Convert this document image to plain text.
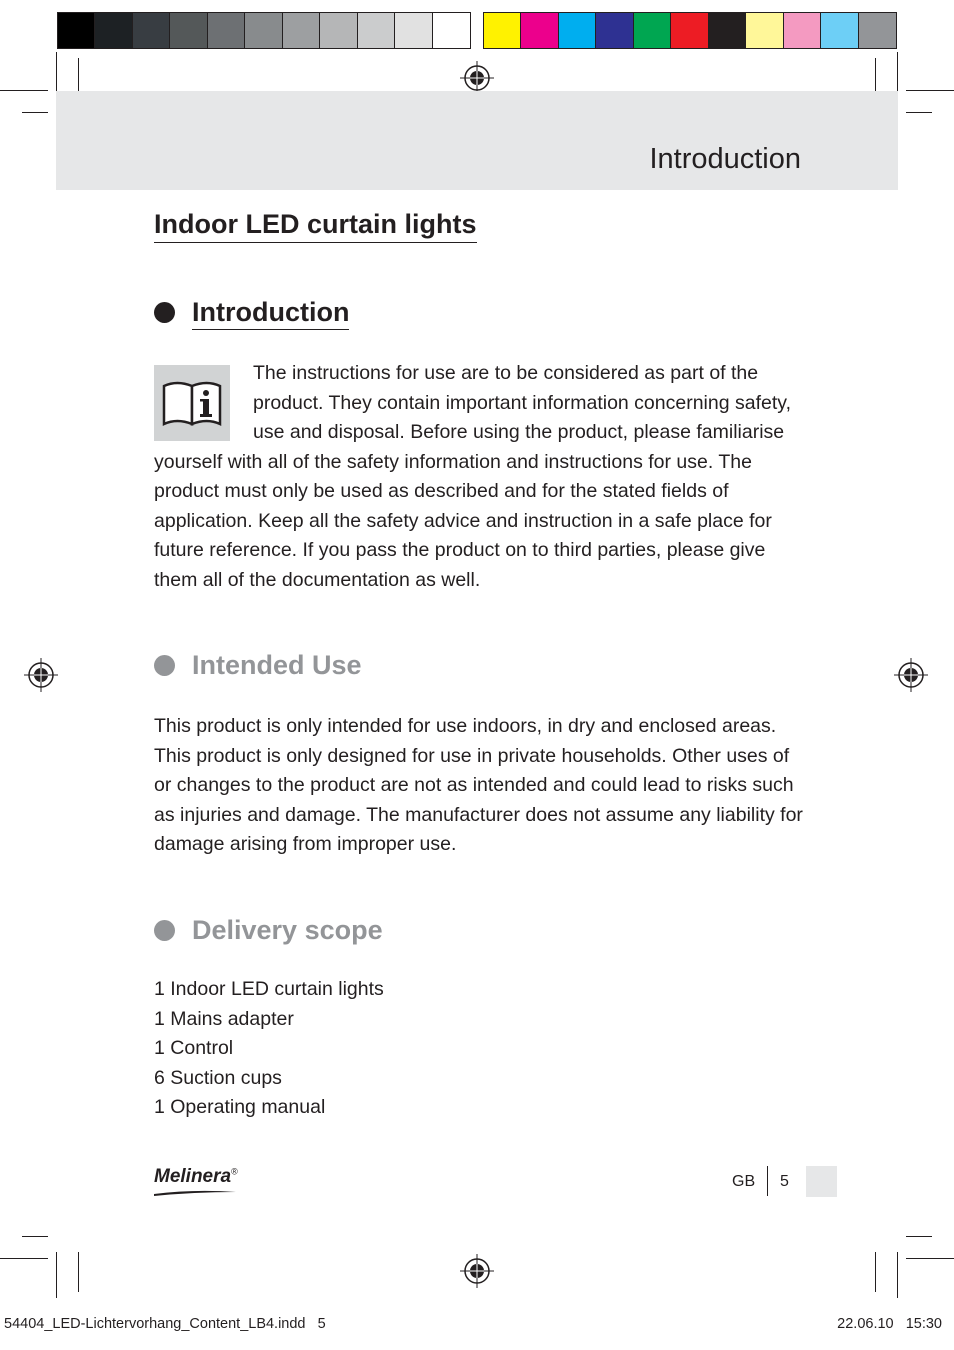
Introduction
Indoor LED curtain lights
Introduction

The instructions for use are to be considered as part of the product. They contain important information concerning safety, use and disposal. Before using the product, please familiarise yourself with all of the safety information and instructions for use. The product must only be used as described and for the stated fields of application. Keep all the safety advice and instruction in a safe place for future reference. If you pass the product on to third parties, please give them all of the documentation as well.

Intended Use

This product is only intended for use indoors, in dry and enclosed areas. This product is only designed for use in private households. Other uses of or changes to the product are not as intended and could lead to risks such as injuries and damage. The manufacturer does not assume any liability for damage arising from improper use.

Delivery scope
1 Indoor LED curtain lights
1 Mains adapter
1 Control
6 Suction cups
1 Operating manual
Melinera®
GB 5
54404_LED-Lichtervorhang_Content_LB4.indd   5	22.06.10   15:30
